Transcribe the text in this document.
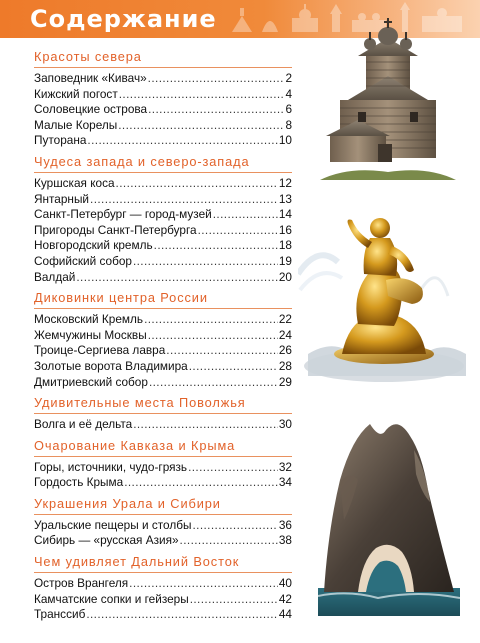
Содержание
Красоты севера
Заповедник «Кивач» .....	2
Кижский погост .....	4
Соловецкие острова .....	6
Малые Корелы .....	8
Путорана .....	10
Чудеса запада и северо-запада
Куршская коса .....	12
Янтарный .....	13
Санкт-Петербург — город-музей .....	14
Пригороды Санкт-Петербурга .....	16
Новгородский кремль .....	18
Софийский собор .....	19
Валдай .....	20
Диковинки центра России
Московский Кремль .....	22
Жемчужины Москвы .....	24
Троице-Сергиева лавра .....	26
Золотые ворота Владимира .....	28
Дмитриевский собор .....	29
Удивительные места Поволжья
Волга и её дельта .....	30
Очарование Кавказа и Крыма
Горы, источники, чудо-грязь .....	32
Гордость Крыма .....	34
Украшения Урала и Сибири
Уральские пещеры и столбы .....	36
Сибирь — «русская Азия» .....	38
Чем удивляет Дальний Восток
Остров Врангеля .....	40
Камчатские сопки и гейзеры .....	42
Транссиб .....	44
